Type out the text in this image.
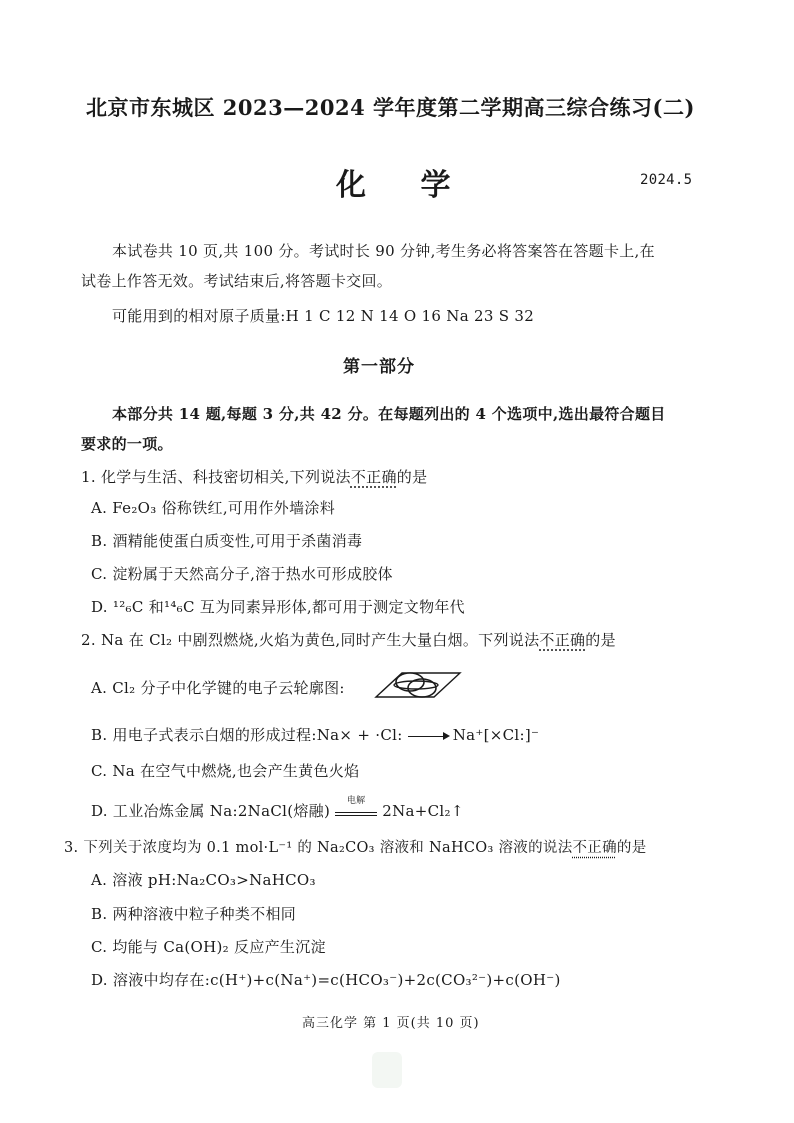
北京市东城区 2023—2024 学年度第二学期高三综合练习(二)
化 学	2024.5
本试卷共 10 页,共 100 分。考试时长 90 分钟,考生务必将答案答在答题卡上,在
试卷上作答无效。考试结束后,将答题卡交回。
可能用到的相对原子质量:H 1 C 12 N 14 O 16 Na 23 S 32
第一部分
本部分共 14 题,每题 3 分,共 42 分。在每题列出的 4 个选项中,选出最符合题目
要求的一项。
1. 化学与生活、科技密切相关,下列说法不正确的是
A. Fe₂O₃ 俗称铁红,可用作外墙涂料
B. 酒精能使蛋白质变性,可用于杀菌消毒
C. 淀粉属于天然高分子,溶于热水可形成胶体
D. ¹²₆C 和¹⁴₆C 互为同素异形体,都可用于测定文物年代
2. Na 在 Cl₂ 中剧烈燃烧,火焰为黄色,同时产生大量白烟。下列说法不正确的是
A. Cl₂ 分子中化学键的电子云轮廓图:
B. 用电子式表示白烟的形成过程:Na× + ·Cl: → Na⁺[×Cl:]⁻
C. Na 在空气中燃烧,也会产生黄色火焰
D. 工业冶炼金属 Na:2NaCl(熔融)
电解
2Na+Cl₂↑
3. 下列关于浓度均为 0.1 mol·L⁻¹ 的 Na₂CO₃ 溶液和 NaHCO₃ 溶液的说法不正确的是
A. 溶液 pH:Na₂CO₃>NaHCO₃
B. 两种溶液中粒子种类不相同
C. 均能与 Ca(OH)₂ 反应产生沉淀
D. 溶液中均存在:c(H⁺)+c(Na⁺)=c(HCO₃⁻)+2c(CO₃²⁻)+c(OH⁻)
高三化学 第 1 页(共 10 页)
